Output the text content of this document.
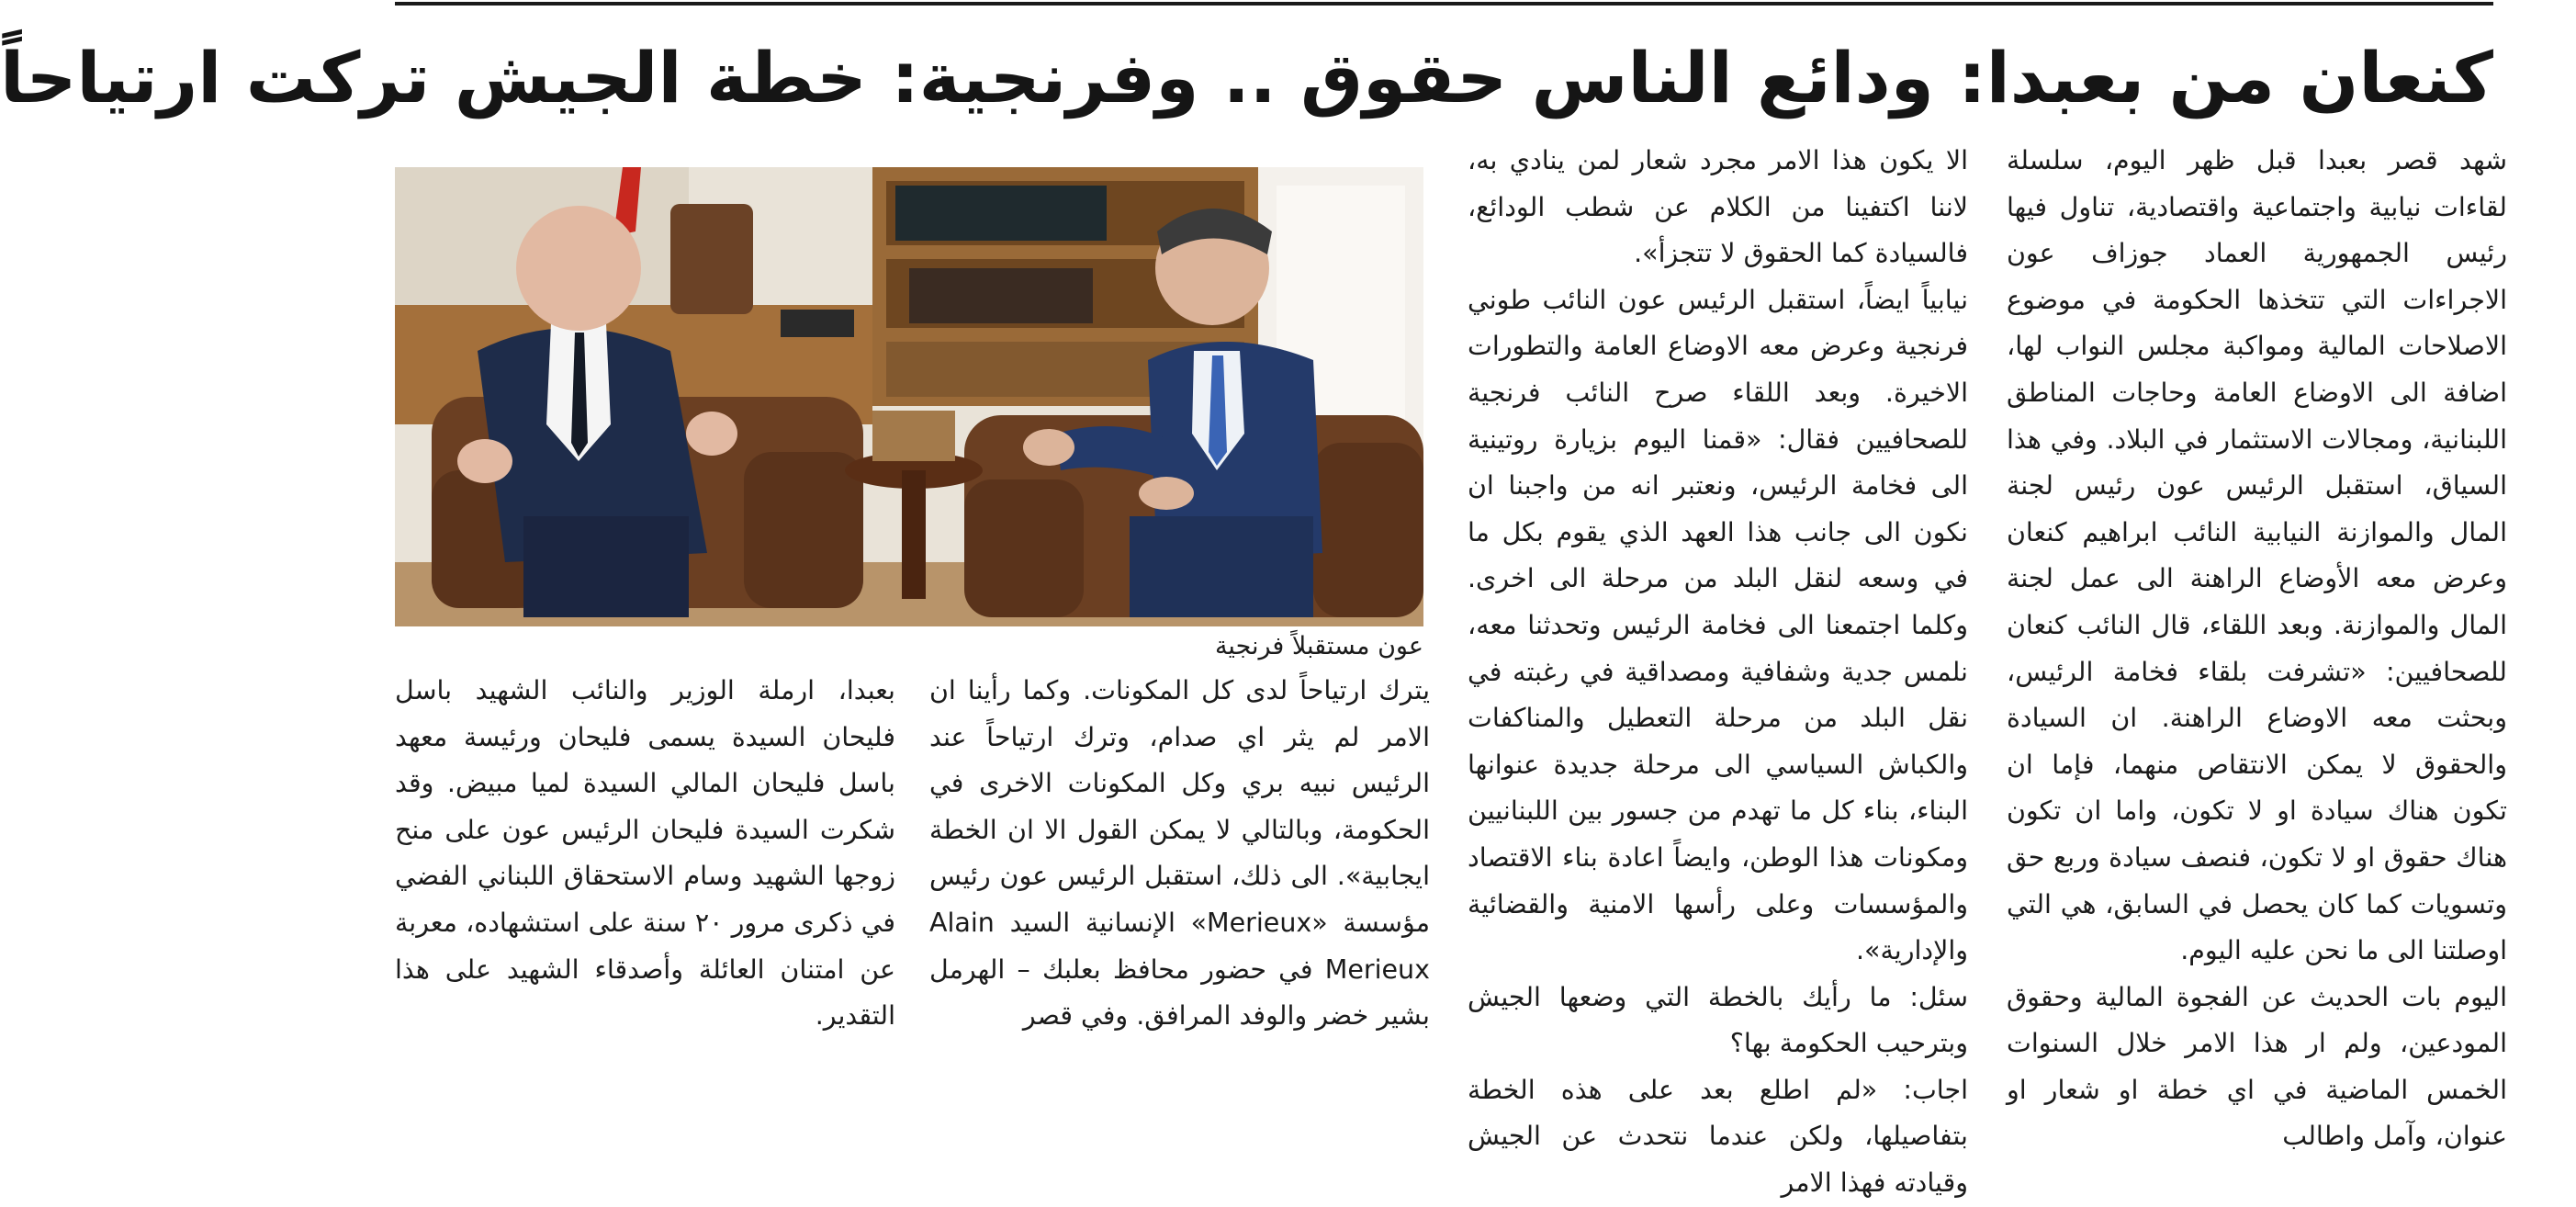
كنعان من بعبدا: ودائع الناس حقوق .. وفرنجية: خطة الجيش تركت ارتياحاً

شهد قصر بعبدا قبل ظهر اليوم، سلسلة لقاءات نيابية واجتماعية واقتصادية، تناول فيها رئيس الجمهورية العماد جوزاف عون الاجراءات التي تتخذها الحكومة في موضوع الاصلاحات المالية ومواكبة مجلس النواب لها، اضافة الى الاوضاع العامة وحاجات المناطق اللبنانية، ومجالات الاستثمار في البلاد. وفي هذا السياق، استقبل الرئيس عون رئيس لجنة المال والموازنة النيابية النائب ابراهيم كنعان وعرض معه الأوضاع الراهنة الى عمل لجنة المال والموازنة. وبعد اللقاء، قال النائب كنعان للصحافيين: «تشرفت بلقاء فخامة الرئيس، وبحثت معه الاوضاع الراهنة. ان السيادة والحقوق لا يمكن الانتقاص منهما، فإما ان تكون هناك سيادة او لا تكون، واما ان تكون هناك حقوق او لا تكون، فنصف سيادة وربع حق وتسويات كما كان يحصل في السابق، هي التي اوصلتنا الى ما نحن عليه اليوم.

اليوم بات الحديث عن الفجوة المالية وحقوق المودعين، ولم ار هذا الامر خلال السنوات الخمس الماضية في اي خطة او شعار او عنوان، وآمل واطالب

الا يكون هذا الامر مجرد شعار لمن ينادي به، لاننا اكتفينا من الكلام عن شطب الودائع، فالسيادة كما الحقوق لا تتجزأ».

نيابياً ايضاً، استقبل الرئيس عون النائب طوني فرنجية وعرض معه الاوضاع العامة والتطورات الاخيرة. وبعد اللقاء صرح النائب فرنجية للصحافيين فقال: «قمنا اليوم بزيارة روتينية الى فخامة الرئيس، ونعتبر انه من واجبنا ان نكون الى جانب هذا العهد الذي يقوم بكل ما في وسعه لنقل البلد من مرحلة الى اخرى. وكلما اجتمعنا الى فخامة الرئيس وتحدثنا معه، نلمس جدية وشفافية ومصداقية في رغبته في نقل البلد من مرحلة التعطيل والمناكفات والكباش السياسي الى مرحلة جديدة عنوانها البناء، بناء كل ما تهدم من جسور بين اللبنانيين ومكونات هذا الوطن، وايضاً اعادة بناء الاقتصاد والمؤسسات وعلى رأسها الامنية والقضائية والإدارية».

سئل: ما رأيك بالخطة التي وضعها الجيش وبترحيب الحكومة بها؟

اجاب: «لم اطلع بعد على هذه الخطة بتفاصيلها، ولكن عندما نتحدث عن الجيش وقيادته فهذا الامر

عون مستقبلاً فرنجية

يترك ارتياحاً لدى كل المكونات. وكما رأينا ان الامر لم يثر اي صدام، وترك ارتياحاً عند الرئيس نبيه بري وكل المكونات الاخرى في الحكومة، وبالتالي لا يمكن القول الا ان الخطة ايجابية». الى ذلك، استقبل الرئيس عون رئيس مؤسسة «Merieux» الإنسانية السيد Alain Merieux في حضور محافظ بعلبك – الهرمل بشير خضر والوفد المرافق. وفي قصر

بعبدا، ارملة الوزير والنائب الشهيد باسل فليحان السيدة يسمى فليحان ورئيسة معهد باسل فليحان المالي السيدة لميا مبيض. وقد شكرت السيدة فليحان الرئيس عون على منح زوجها الشهيد وسام الاستحقاق اللبناني الفضي في ذكرى مرور ٢٠ سنة على استشهاده، معربة عن امتنان العائلة وأصدقاء الشهيد على هذا التقدير.
